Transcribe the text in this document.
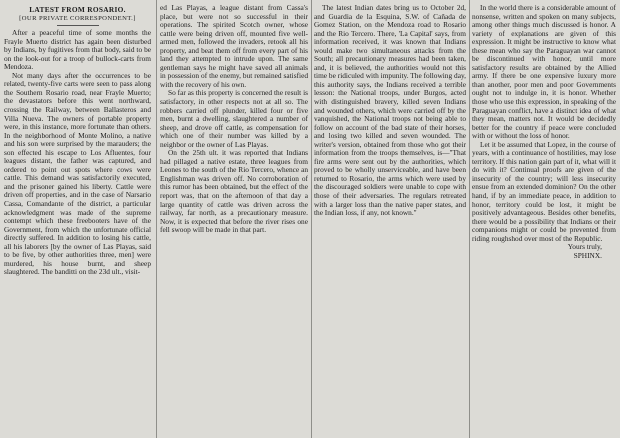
LATEST FROM ROSARIO.
[OUR PRIVATE CORRESPONDENT.]

After a peaceful time of some months the Frayle Muerto district has again been disturbed by Indians, by fugitives from that body, said to be on the look-out for a troop of bullock-carts from Mendoza.

Not many days after the occurrences to be related, twenty-five carts were seen to pass along the Southern Rosario road, near Frayle Muerto; the devastators before this went northward, crossing the Railway, between Ballasteros and Villa Nueva. The owners of portable property were, in this instance, more fortunate than others. In the neighborhood of Monte Molino, a native and his son were surprised by the marauders; the son effected his escape to Los Afluentes, four leagues distant, the father was captured, and ordered to point out spots where cows were cattle. This demand was satisfactorily executed, and the prisoner gained his liberty. Cattle were driven off properties, and in the case of Narsario Cassa, Comandante of the district, a particular acknowledgment was made of the supreme contempt which these freebooters have of the Government, from which the unfortunate official directly suffered. In addition to losing his cattle, all his laborers [by the owner of Las Playas, said to be five, by other authorities three, men] were murdered, his house burnt, and sheep slaughtered. The banditti on the 23d ult., visit-

ed Las Playas, a league distant from Cassa's place, but were not so successful in their operations. The spirited Scotch owner, whose cattle were being driven off, mounted five well-armed men, followed the invaders, retook all his property, and beat them off from every part of his land they attempted to intrude upon. The same gentleman says he might have saved all animals in possession of the enemy, but remained satisfied with the recovery of his own.

So far as this property is concerned the result is satisfactory, in other respects not at all so. The robbers carried off plunder, killed four or five men, burnt a dwelling, slaughtered a number of sheep, and drove off cattle, as compensation for which one of their number was killed by a neighbor or the owner of Las Playas.

On the 25th ult. it was reported that Indians had pillaged a native estate, three leagues from Leones to the south of the Rio Tercero, whence an Englishman was driven off. No corroboration of this rumor has been obtained, but the effect of the report was, that on the afternoon of that day a large quantity of cattle was driven across the railway, far north, as a precautionary measure. Now, it is expected that before the river rises one fell swoop will be made in that part.

The latest Indian dates bring us to October 2d, and Guardia de la Esquina, S.W. of Cañada de Gomez Station, on the Mendoza road to Rosario and the Rio Tercero. There, 'La Capital' says, from information received, it was known that Indians would make two simultaneous attacks from the South; all precautionary measures had been taken, and, it is believed, the authorities would not this time be ridiculed with impunity. The following day, this authority says, the Indians received a terrible lesson: the National troops, under Burgos, acted with distinguished bravery, killed seven Indians and wounded others, which were carried off by the vanquished, the National troops not being able to follow on account of the bad state of their horses, and losing two killed and seven wounded. The writer's version, obtained from those who got their information from the troops themselves, is—"That fire arms were sent out by the authorities, which proved to be wholly unserviceable, and have been returned to Rosario, the arms which were used by the discouraged soldiers were unable to cope with those of their adversaries. The regulars retreated with a larger loss than the native paper states, and the Indian loss, if any, not known."

In the world there is a considerable amount of nonsense, written and spoken on many subjects, among other things much discussed is honor. A variety of explanations are given of this expression. It might be instructive to know what these mean who say the Paraguayan war cannot be discontinued with honor, until more satisfactory results are obtained by the Allied army. If there be one expensive luxury more than another, poor men and poor Governments ought not to indulge in, it is honor. Whether those who use this expression, in speaking of the Paraguayan conflict, have a distinct idea of what they mean, matters not. It would be decidedly better for the country if peace were concluded with or without the loss of honor.

Let it be assumed that Lopez, in the course of years, with a continuance of hostilities, may lose territory. If this nation gain part of it, what will it do with it? Continual proofs are given of the insecurity of the country; will less insecurity ensue from an extended dominion? On the other hand, if by an immediate peace, in addition to honor, territory could be lost, it might be positively advantageous. Besides other benefits, there would be a possibility that Indians or their companions might or could be prevented from riding roughshod over most of the Republic.

Yours truly,

SPHINX.
